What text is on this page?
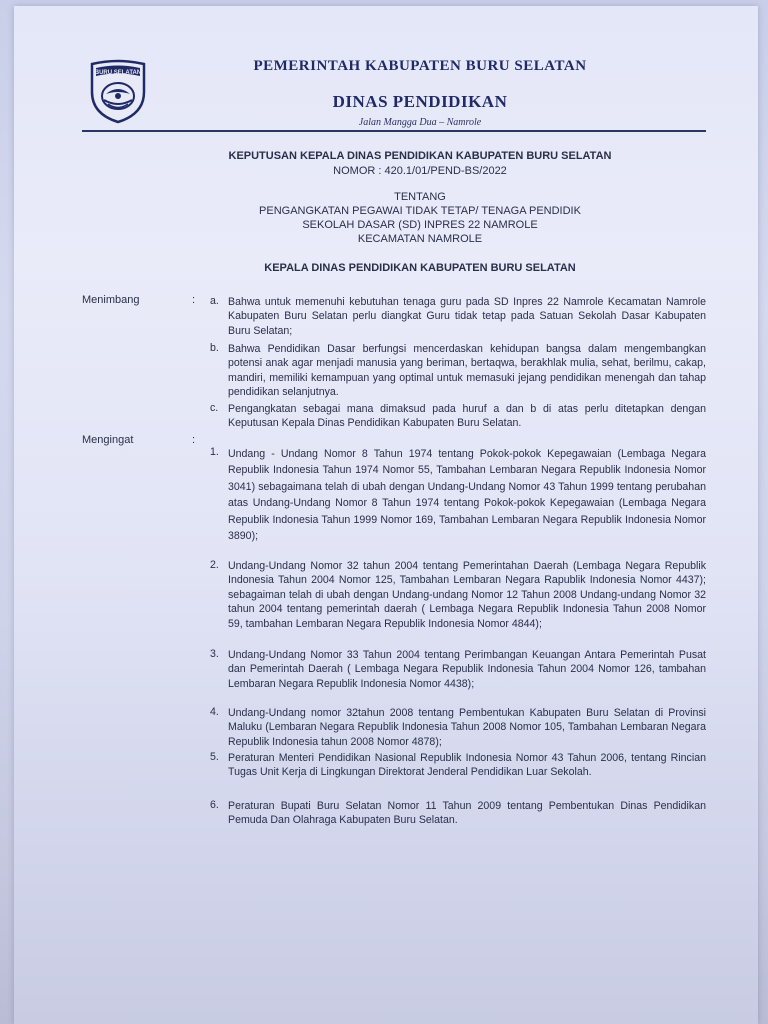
BURU SELATAN	PEMERINTAH KABUPATEN BURU SELATAN
DINAS PENDIDIKAN
Jalan Mangga Dua – Namrole
KEPUTUSAN KEPALA DINAS PENDIDIKAN KABUPATEN BURU SELATAN
NOMOR : 420.1/01/PEND-BS/2022
TENTANG
PENGANGKATAN PEGAWAI TIDAK TETAP/ TENAGA PENDIDIK
SEKOLAH DASAR (SD) INPRES 22 NAMROLE
KECAMATAN NAMROLE
KEPALA DINAS PENDIDIKAN KABUPATEN BURU SELATAN
Menimbang	: a. Bahwa untuk memenuhi kebutuhan tenaga guru pada SD Inpres 22 Namrole Kecamatan Namrole Kabupaten Buru Selatan perlu diangkat Guru tidak tetap pada Satuan Sekolah Dasar Kabupaten Buru Selatan;
b. Bahwa Pendidikan Dasar berfungsi mencerdaskan kehidupan bangsa dalam mengembangkan potensi anak agar menjadi manusia yang beriman, bertaqwa, berakhlak mulia, sehat, berilmu, cakap, mandiri, memiliki kemampuan yang optimal untuk memasuki jejang pendidikan menengah dan tahap pendidikan selanjutnya.
c. Pengangkatan sebagai mana dimaksud pada huruf a dan b di atas perlu ditetapkan dengan Keputusan Kepala Dinas Pendidikan Kabupaten Buru Selatan.
Mengingat	:
1. Undang - Undang Nomor 8 Tahun 1974 tentang Pokok-pokok Kepegawaian (Lembaga Negara Republik Indonesia Tahun 1974 Nomor 55, Tambahan Lembaran Negara Republik Indonesia Nomor 3041) sebagaimana telah di ubah dengan Undang-Undang Nomor 43 Tahun 1999 tentang perubahan atas Undang-Undang Nomor 8 Tahun 1974 tentang Pokok-pokok Kepegawaian (Lembaga Negara Republik Indonesia Tahun 1999 Nomor 169, Tambahan Lembaran Negara Republik Indonesia Nomor 3890);
2. Undang-Undang Nomor 32 tahun 2004 tentang Pemerintahan Daerah (Lembaga Negara Republik Indonesia Tahun 2004 Nomor 125, Tambahan Lembaran Negara Rapublik Indonesia Nomor 4437); sebagaiman telah di ubah dengan Undang-undang Nomor 12 Tahun 2008 Undang-undang Nomor 32 tahun 2004 tentang pemerintah daerah ( Lembaga Negara Republik Indonesia Tahun 2008 Nomor 59, tambahan Lembaran Negara Republik Indonesia Nomor 4844);
3. Undang-Undang Nomor 33 Tahun 2004 tentang Perimbangan Keuangan Antara Pemerintah Pusat dan Pemerintah Daerah ( Lembaga Negara Republik Indonesia Tahun 2004 Nomor 126, tambahan Lembaran Negara Republik Indonesia Nomor 4438);
4. Undang-Undang nomor 32tahun 2008 tentang Pembentukan Kabupaten Buru Selatan di Provinsi Maluku (Lembaran Negara Republik Indonesia Tahun 2008 Nomor 105, Tambahan Lembaran Negara Republik Indonesia tahun 2008 Nomor 4878);
5. Peraturan Menteri Pendidikan Nasional Republik Indonesia Nomor 43 Tahun 2006, tentang Rincian Tugas Unit Kerja di Lingkungan Direktorat Jenderal Pendidikan Luar Sekolah.
6. Peraturan Bupati Buru Selatan Nomor 11 Tahun 2009 tentang Pembentukan Dinas Pendidikan Pemuda Dan Olahraga Kabupaten Buru Selatan.
